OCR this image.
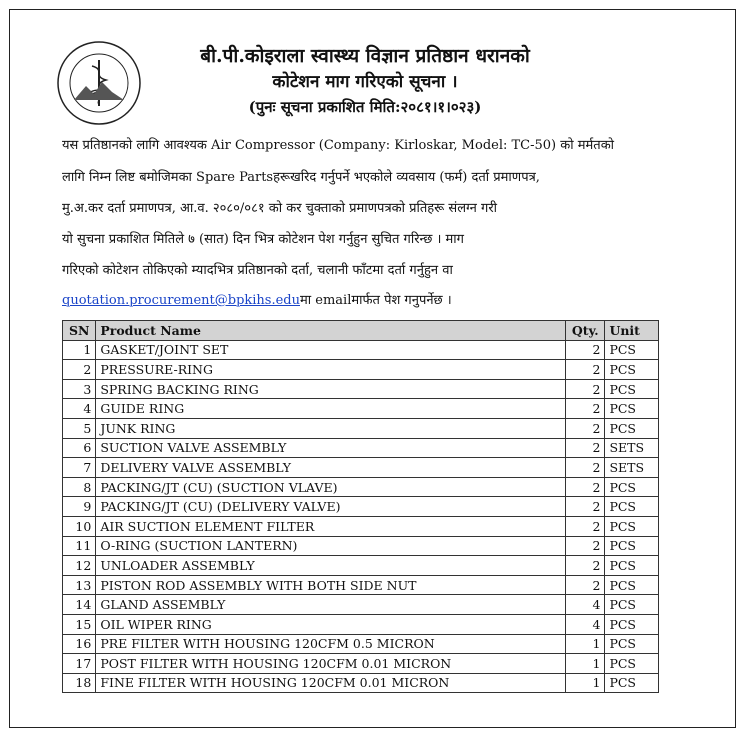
बी.पी.कोइराला स्वास्थ्य विज्ञान प्रतिष्ठान धरानको
कोटेशन माग गरिएको सूचना ।
(पुनः सूचना प्रकाशित मिति:२०८१।१।०२३)
यस प्रतिष्ठानको लागि आवश्यक Air Compressor (Company: Kirloskar, Model: TC-50) को मर्मतको
लागि निम्न लिष्ट बमोजिमका Spare Partsहरूखरिद गर्नुपर्ने भएकोले व्यवसाय (फर्म) दर्ता प्रमाणपत्र,
मु.अ.कर दर्ता प्रमाणपत्र, आ.व. २०८०/०८१ को कर चुक्ताको प्रमाणपत्रको प्रतिहरू संलग्न गरी
यो सुचना प्रकाशित मितिले ७ (सात) दिन भित्र कोटेशन पेश गर्नुहुन सुचित गरिन्छ । माग
गरिएको कोटेशन तोकिएको म्यादभित्र प्रतिष्ठानको दर्ता, चलानी फाँटमा दर्ता गर्नुहुन वा
quotation.procurement@bpkihs.eduमा emailमार्फत पेश गनुपर्नेछ ।
SN	Product Name	Qty.	Unit
1	GASKET/JOINT SET	2	PCS
2	PRESSURE-RING	2	PCS
3	SPRING BACKING RING	2	PCS
4	GUIDE RING	2	PCS
5	JUNK RING	2	PCS
6	SUCTION VALVE ASSEMBLY	2	SETS
7	DELIVERY VALVE ASSEMBLY	2	SETS
8	PACKING/JT (CU) (SUCTION VLAVE)	2	PCS
9	PACKING/JT (CU) (DELIVERY VALVE)	2	PCS
10	AIR SUCTION ELEMENT FILTER	2	PCS
11	O-RING (SUCTION LANTERN)	2	PCS
12	UNLOADER ASSEMBLY	2	PCS
13	PISTON ROD ASSEMBLY WITH BOTH SIDE NUT	2	PCS
14	GLAND ASSEMBLY	4	PCS
15	OIL WIPER RING	4	PCS
16	PRE FILTER WITH HOUSING 120CFM 0.5 MICRON	1	PCS
17	POST FILTER WITH HOUSING 120CFM 0.01 MICRON	1	PCS
18	FINE FILTER WITH HOUSING 120CFM 0.01 MICRON	1	PCS
